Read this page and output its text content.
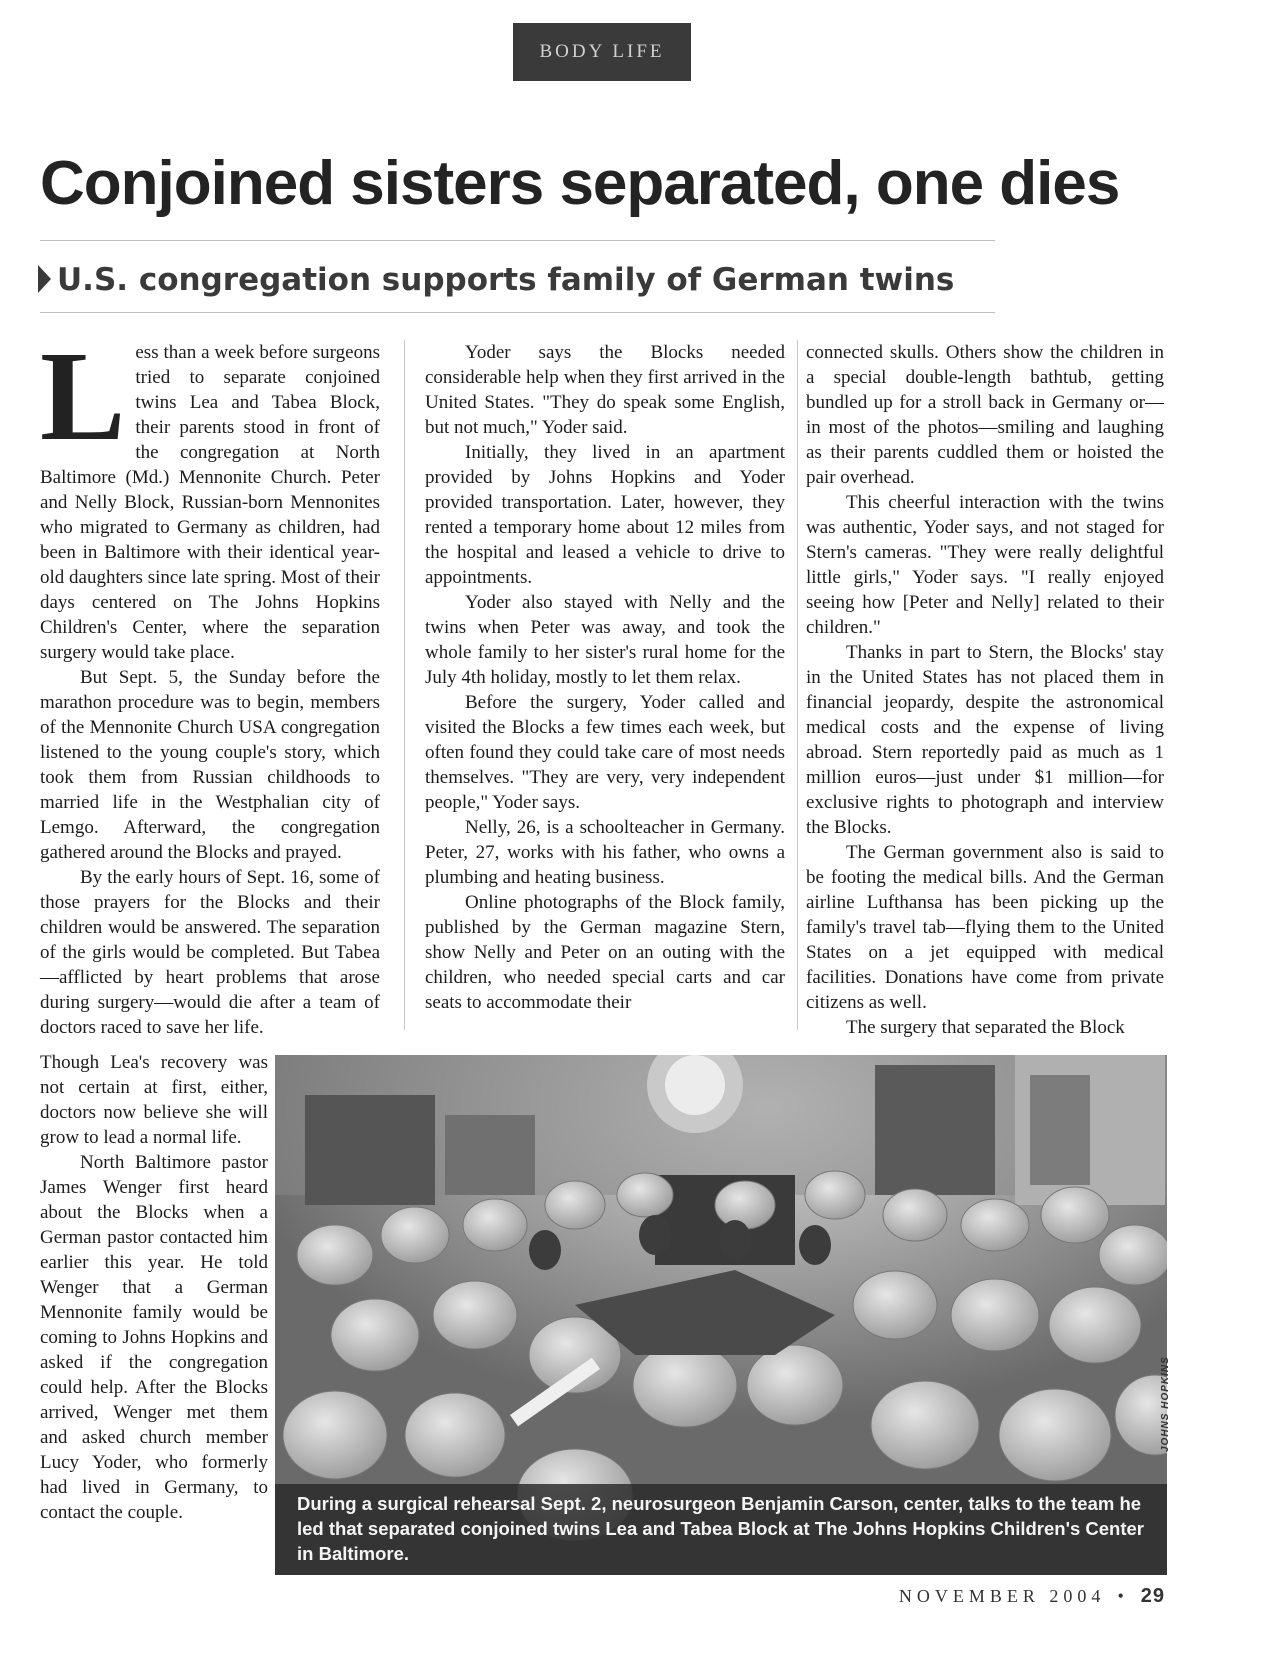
BODY LIFE
Conjoined sisters separated, one dies
U.S. congregation supports family of German twins

Less than a week before surgeons tried to separate conjoined twins Lea and Tabea Block, their parents stood in front of the congregation at North Baltimore (Md.) Mennonite Church. Peter and Nelly Block, Russian-born Mennonites who migrated to Germany as children, had been in Baltimore with their identical year-old daughters since late spring. Most of their days centered on The Johns Hopkins Children's Center, where the separation surgery would take place.

But Sept. 5, the Sunday before the marathon procedure was to begin, members of the Mennonite Church USA congregation listened to the young couple's story, which took them from Russian childhoods to married life in the Westphalian city of Lemgo. Afterward, the congregation gathered around the Blocks and prayed.

By the early hours of Sept. 16, some of those prayers for the Blocks and their children would be answered. The separation of the girls would be completed. But Tabea—afflicted by heart problems that arose during surgery—would die after a team of doctors raced to save her life.

Though Lea's recovery was not certain at first, either, doctors now believe she will grow to lead a normal life.

North Baltimore pastor James Wenger first heard about the Blocks when a German pastor contacted him earlier this year. He told Wenger that a German Mennonite family would be coming to Johns Hopkins and asked if the congregation could help. After the Blocks arrived, Wenger met them and asked church member Lucy Yoder, who formerly had lived in Germany, to contact the couple.

Yoder says the Blocks needed considerable help when they first arrived in the United States. "They do speak some English, but not much," Yoder said.

Initially, they lived in an apartment provided by Johns Hopkins and Yoder provided transportation. Later, however, they rented a temporary home about 12 miles from the hospital and leased a vehicle to drive to appointments.

Yoder also stayed with Nelly and the twins when Peter was away, and took the whole family to her sister's rural home for the July 4th holiday, mostly to let them relax.

Before the surgery, Yoder called and visited the Blocks a few times each week, but often found they could take care of most needs themselves. "They are very, very independent people," Yoder says.

Nelly, 26, is a schoolteacher in Germany. Peter, 27, works with his father, who owns a plumbing and heating business.

Online photographs of the Block family, published by the German magazine Stern, show Nelly and Peter on an outing with the children, who needed special carts and car seats to accommodate their

connected skulls. Others show the children in a special double-length bathtub, getting bundled up for a stroll back in Germany or—in most of the photos—smiling and laughing as their parents cuddled them or hoisted the pair overhead.

This cheerful interaction with the twins was authentic, Yoder says, and not staged for Stern's cameras. "They were really delightful little girls," Yoder says. "I really enjoyed seeing how [Peter and Nelly] related to their children."

Thanks in part to Stern, the Blocks' stay in the United States has not placed them in financial jeopardy, despite the astronomical medical costs and the expense of living abroad. Stern reportedly paid as much as 1 million euros—just under $1 million—for exclusive rights to photograph and interview the Blocks.

The German government also is said to be footing the medical bills. And the German airline Lufthansa has been picking up the family's travel tab—flying them to the United States on a jet equipped with medical facilities. Donations have come from private citizens as well.

The surgery that separated the Block

During a surgical rehearsal Sept. 2, neurosurgeon Benjamin Carson, center, talks to the team he led that separated conjoined twins Lea and Tabea Block at The Johns Hopkins Children's Center in Baltimore.
JOHNS HOPKINS
NOVEMBER 2004 • 29
